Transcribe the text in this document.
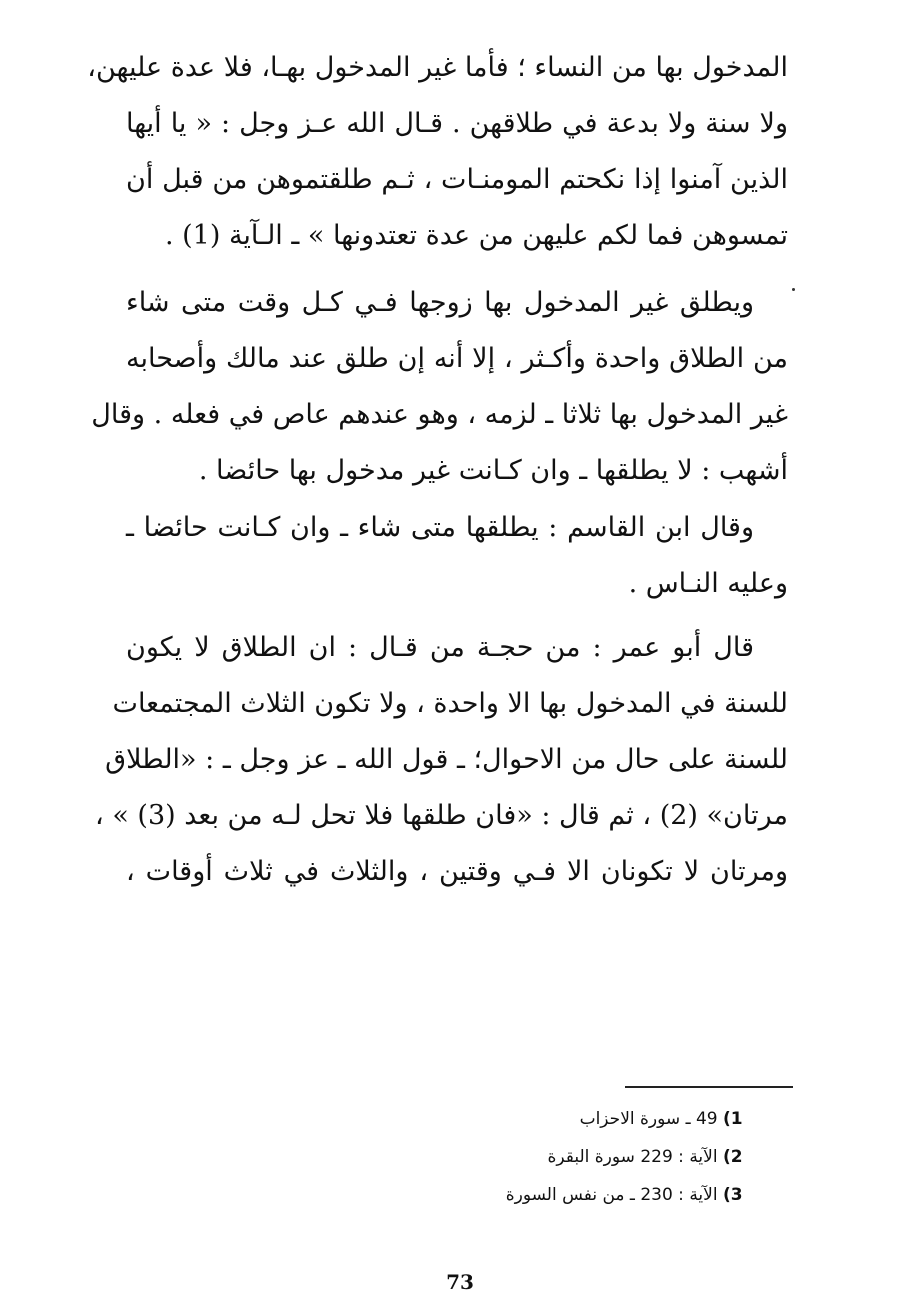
المدخول بها من النساء ؛ فأما غير المدخول بهـا، فلا عدة عليهن،
ولا سنة ولا بدعة في طلاقهن . قـال الله عـز وجل : « يا أيها
الذين آمنوا إذا نكحتم المومنـات ، ثـم طلقتموهن من قبل أن
تمسوهن فما لكم عليهن من عدة تعتدونها » ـ الـآية (1) .
ويطلق غير المدخول بها زوجها فـي كـل وقت متى شاء
من الطلاق واحدة وأكـثر ، إلا أنه إن طلق عند مالك وأصحابه
غير المدخول بها ثلاثا ـ لزمه ، وهو عندهم عاص في فعله . وقال
أشهب : لا يطلقها ـ وان كـانت غير مدخول بها حائضا .
وقال ابن القاسم : يطلقها متى شاء ـ وان كـانت حائضا ـ
وعليه النـاس .
قال أبو عمر : من حجـة من قـال : ان الطلاق لا يكون
للسنة في المدخول بها الا واحدة ، ولا تكون الثلاث المجتمعات
للسنة على حال من الاحوال؛ ـ قول الله ـ عز وجل ـ : «الطلاق
مرتان» (2) ، ثم قال : «فان طلقها فلا تحل لـه من بعد (3) » ،
ومرتان لا تكونان الا فـي وقتين ، والثلاث في ثلاث أوقات ،
1) 49 ـ سورة الاحزاب
2) الآية : 229 سورة البقرة
3) الآية : 230 ـ من نفس السورة
73
